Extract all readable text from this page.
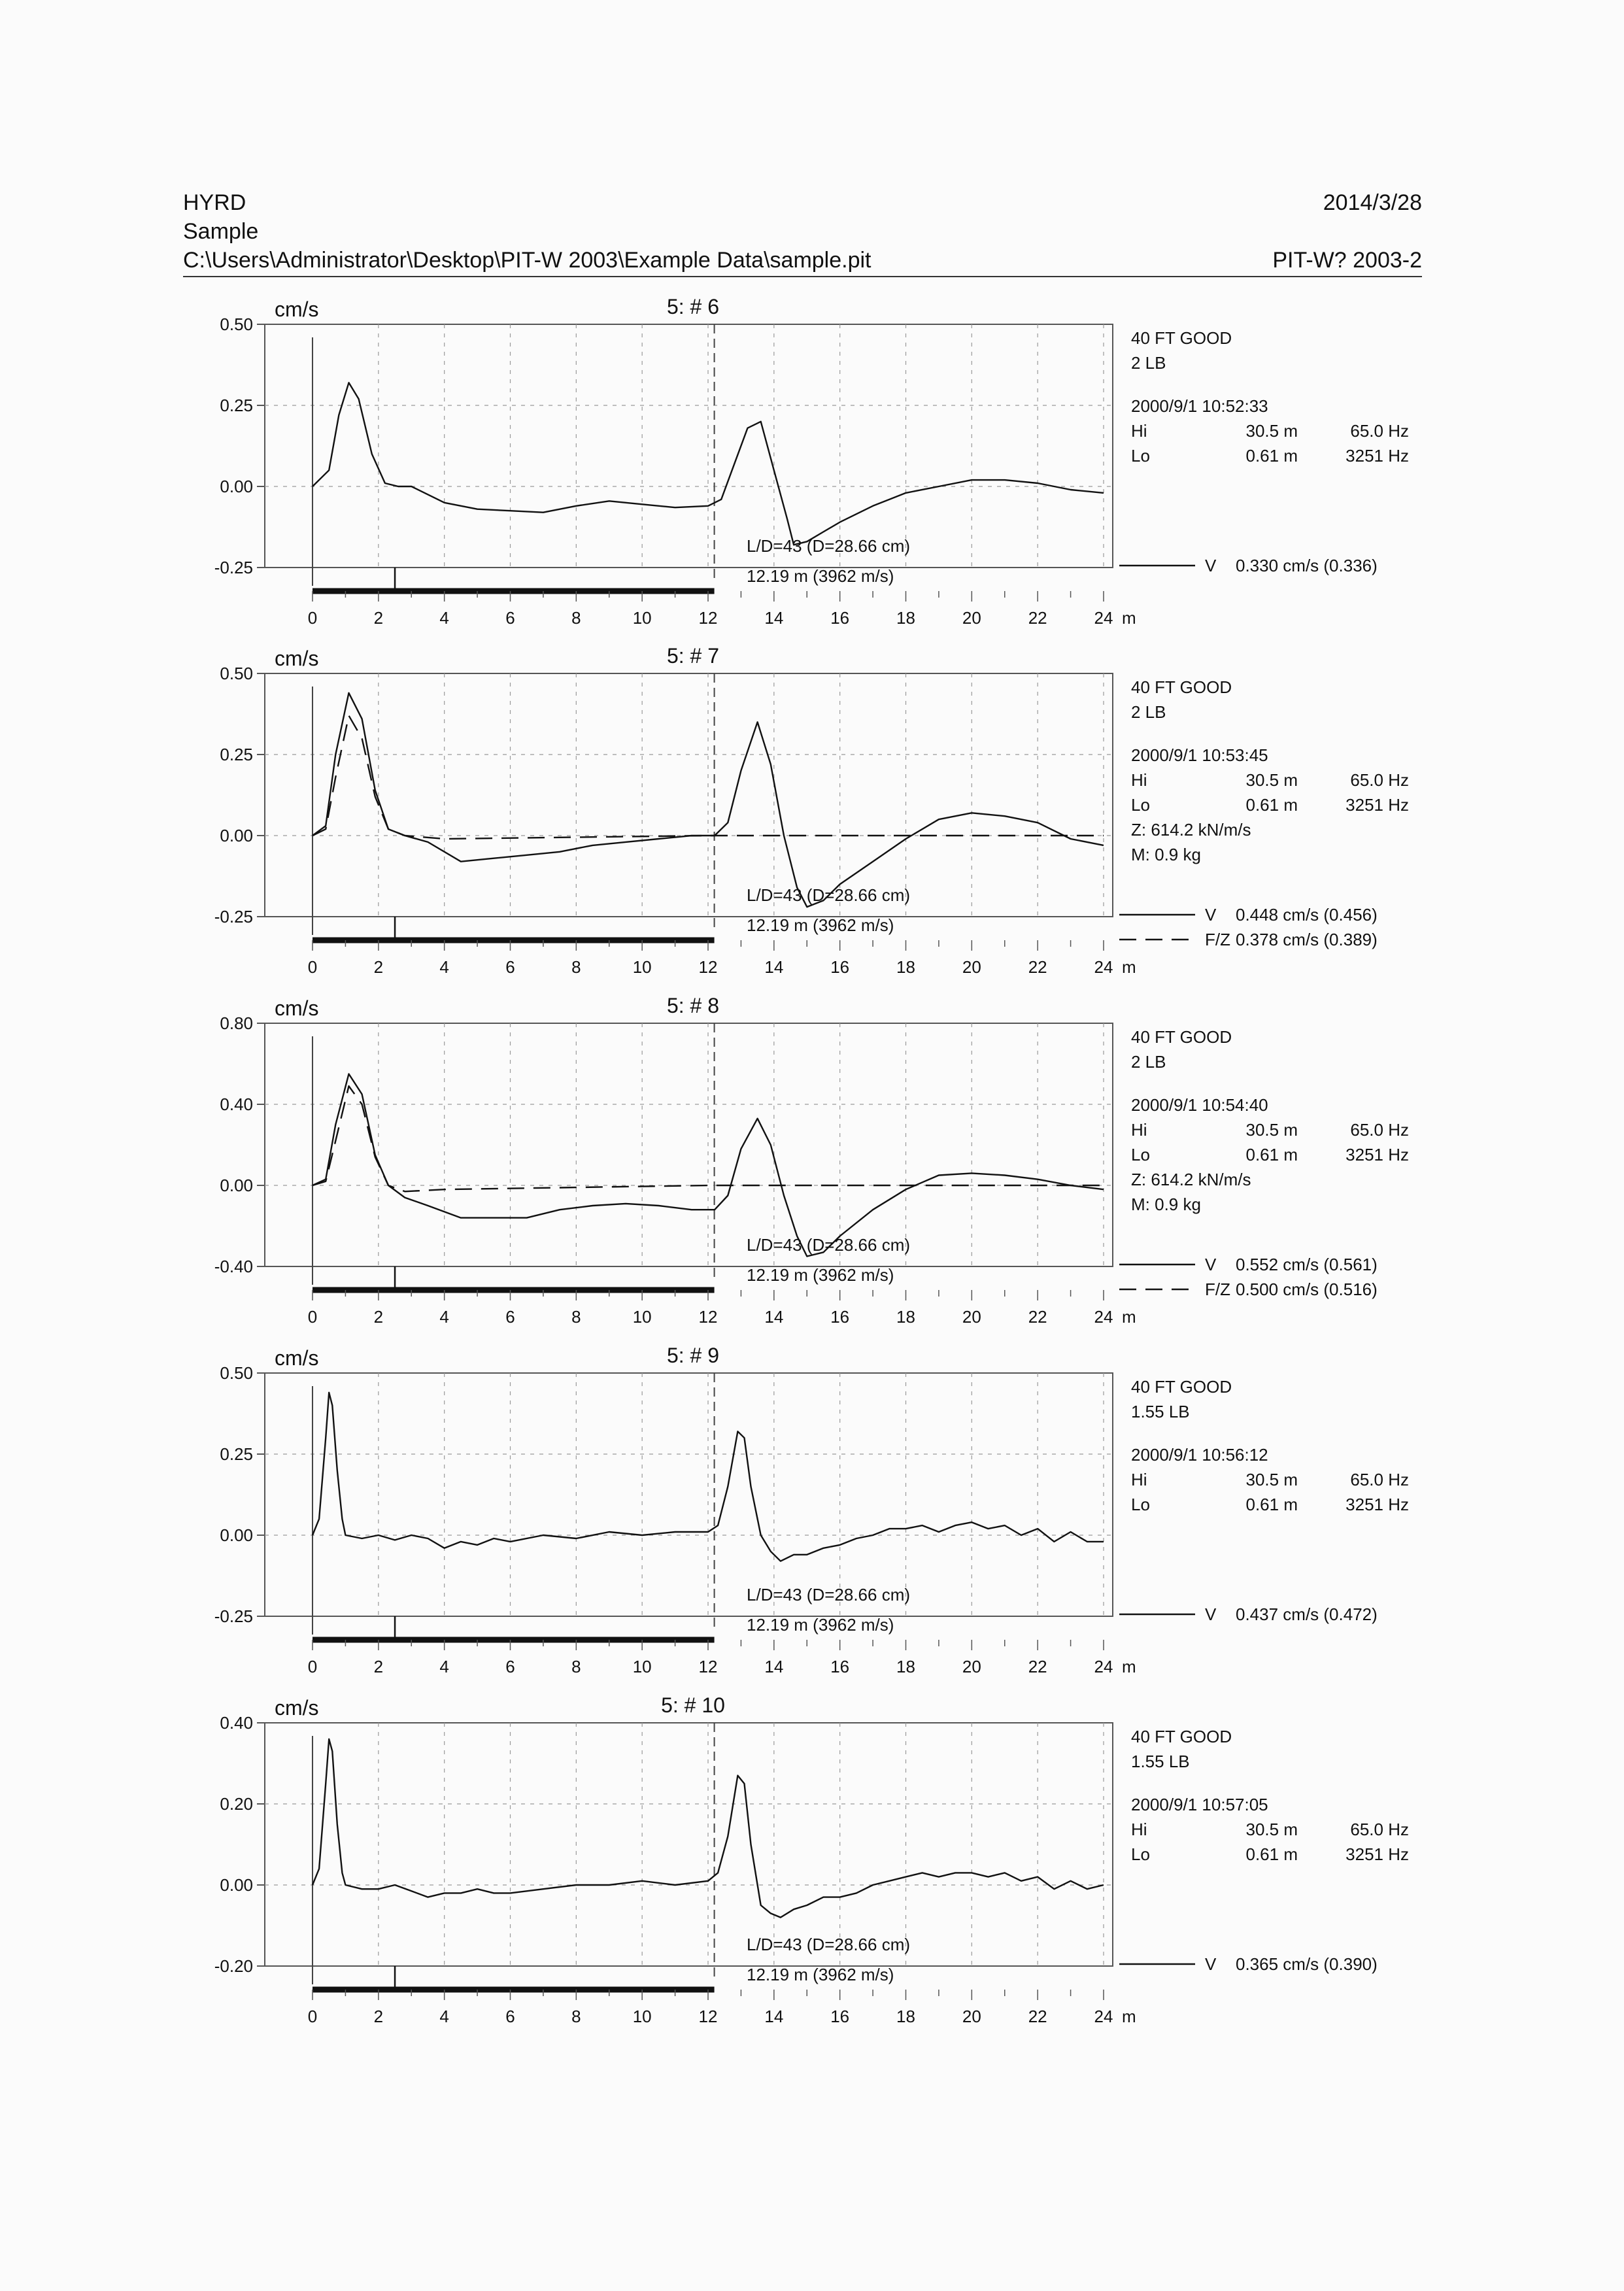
HYRD
Sample
C:\Users\Administrator\Desktop\PIT-W 2003\Example Data\sample.pit
2014/3/28
PIT-W? 2003-2
0.50
0.25
0.00
-0.25
0	2	4	6	8	10	12	14	16	18	20	22	24 m
cm/s	5: # 6
L/D=43 (D=28.66 cm)
12.19 m (3962 m/s)
40 FT GOOD
2 LB
2000/9/1 10:52:33
Hi	30.5 m	65.0 Hz
Lo	0.61 m	3251 Hz
V 0.330 cm/s (0.336)
0.50
0.25
0.00
-0.25
0	2	4	6	8	10	12	14	16	18	20	22	24 m
cm/s	5: # 7
L/D=43 (D=28.66 cm)
12.19 m (3962 m/s)
40 FT GOOD
2 LB
2000/9/1 10:53:45
Hi	30.5 m	65.0 Hz
Lo	0.61 m	3251 Hz
Z: 614.2 kN/m/s
M: 0.9 kg
V 0.448 cm/s (0.456)
F/Z 0.378 cm/s (0.389)
0.80
0.40
0.00
-0.40
0	2	4	6	8	10	12	14	16	18	20	22	24 m
cm/s	5: # 8
L/D=43 (D=28.66 cm)
12.19 m (3962 m/s)
40 FT GOOD
2 LB
2000/9/1 10:54:40
Hi	30.5 m	65.0 Hz
Lo	0.61 m	3251 Hz
Z: 614.2 kN/m/s
M: 0.9 kg
V 0.552 cm/s (0.561)
F/Z 0.500 cm/s (0.516)
0.50
0.25
0.00
-0.25
0	2	4	6	8	10	12	14	16	18	20	22	24 m
cm/s	5: # 9
L/D=43 (D=28.66 cm)
12.19 m (3962 m/s)
40 FT GOOD
1.55 LB
2000/9/1 10:56:12
Hi	30.5 m	65.0 Hz
Lo	0.61 m	3251 Hz
V 0.437 cm/s (0.472)
0.40
0.20
0.00
-0.20
0	2	4	6	8	10	12	14	16	18	20	22	24 m
cm/s	5: # 10
L/D=43 (D=28.66 cm)
12.19 m (3962 m/s)
40 FT GOOD
1.55 LB
2000/9/1 10:57:05
Hi	30.5 m	65.0 Hz
Lo	0.61 m	3251 Hz
V 0.365 cm/s (0.390)
